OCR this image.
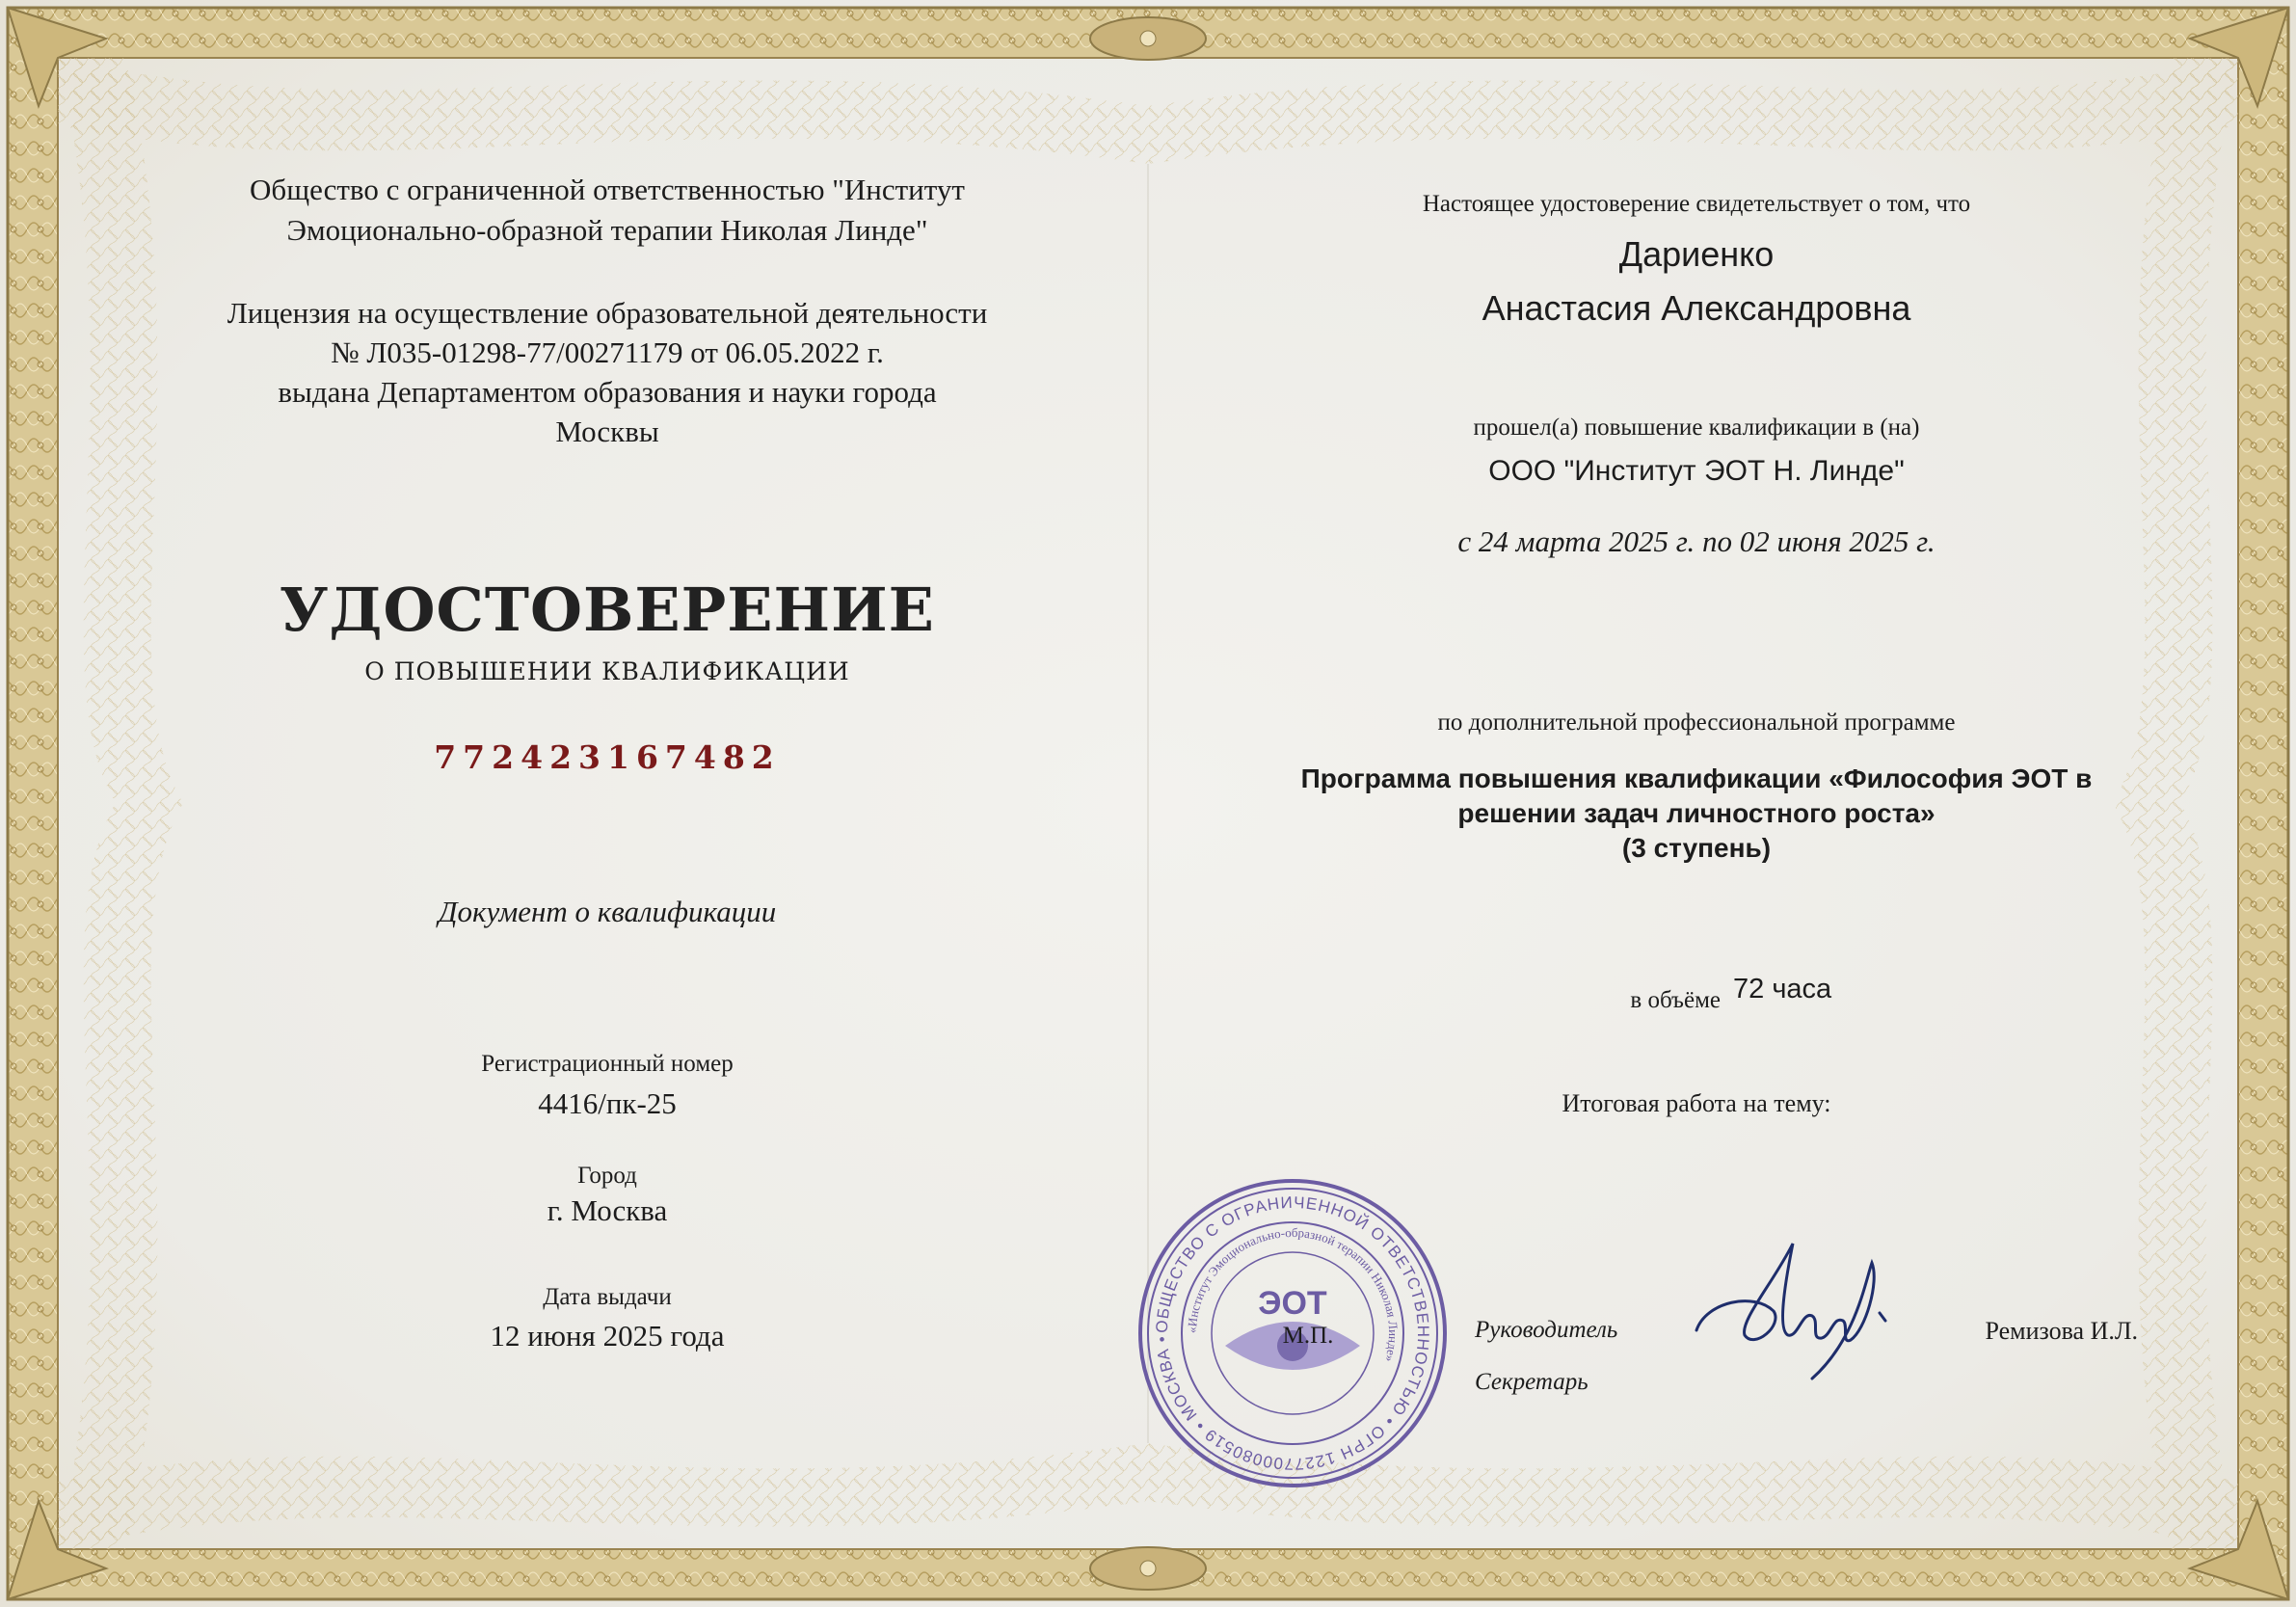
Общество с ограниченной ответственностью "Институт
Эмоционально-образной терапии Николая Линде"
Лицензия на осуществление образовательной деятельности
№ Л035-01298-77/00271179 от 06.05.2022 г.
выдана Департаментом образования и науки города
Москвы
УДОСТОВЕРЕНИЕ
О ПОВЫШЕНИИ КВАЛИФИКАЦИИ
772423167482
Документ о квалификации
Регистрационный номер
4416/пк-25
Город
г. Москва
Дата выдачи
12 июня 2025 года
Настоящее удостоверение свидетельствует о том, что
Дариенко
Анастасия Александровна
прошел(а) повышение квалификации в (на)
ООО "Институт ЭОТ Н. Линде"
с 24 марта 2025 г. по 02 июня 2025 г.
по дополнительной профессиональной программе
Программа повышения квалификации «Философия ЭОТ в
решении задач личностного роста»
(3 ступень)
в объёме 72 часа
Итоговая работа на тему:
ОБЩЕСТВО С ОГРАНИЧЕННОЙ ОТВЕТСТВЕННОСТЬЮ • ОГРН 1227700080519 • МОСКВА •
«Институт Эмоционально-образной терапии Николая Линде»
ЭОТ
М.П.	Руководитель
Секретарь
Ремизова И.Л.
